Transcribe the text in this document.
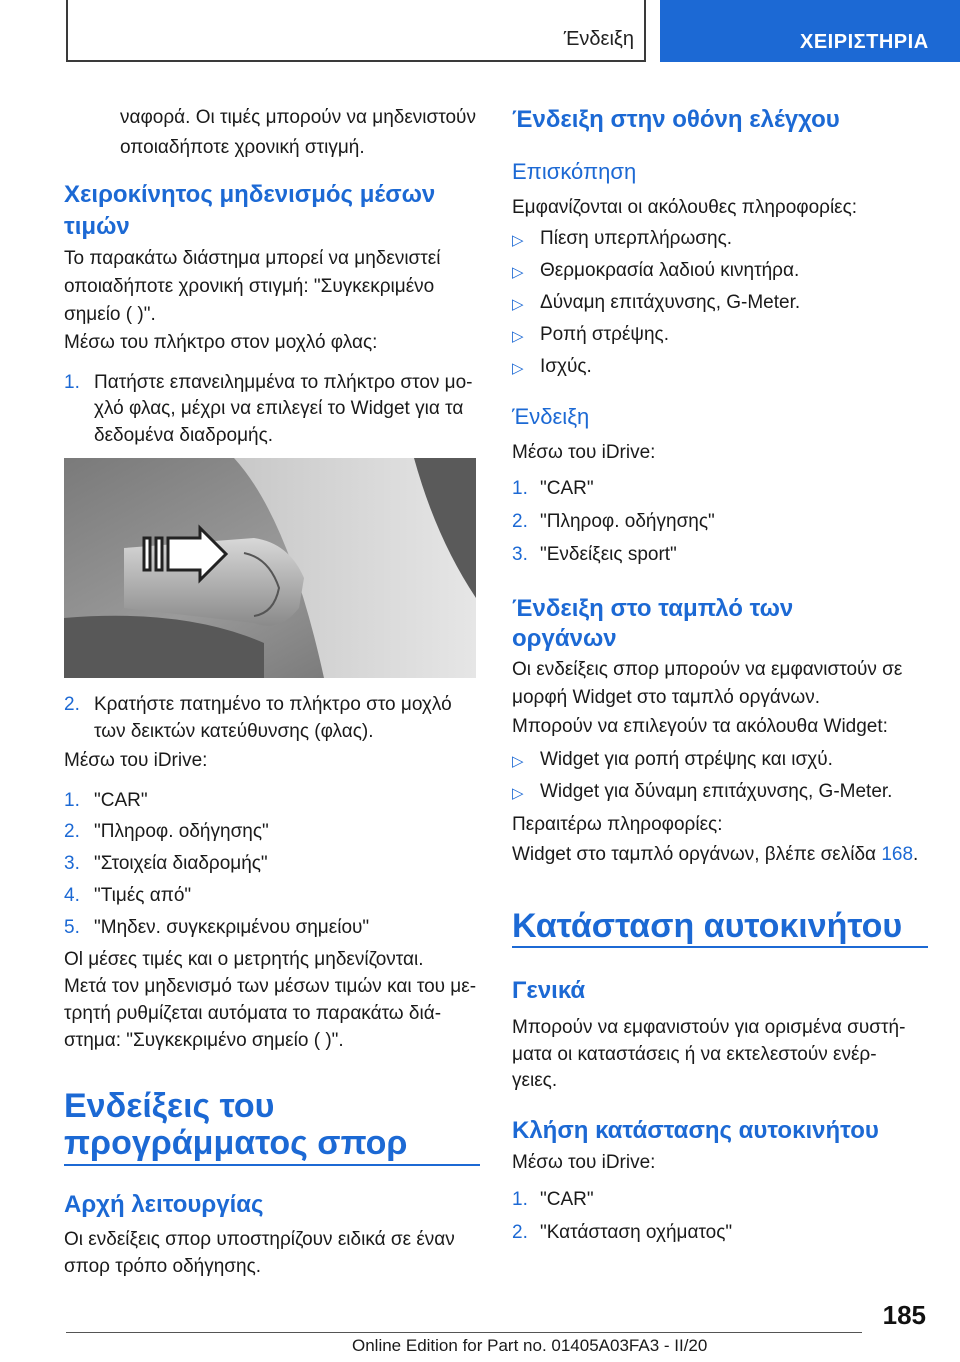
Ένδειξη	ΧΕΙΡΙΣΤΗΡΙΑ
ναφορά. Οι τιμές μπορούν να μηδενιστούν
οποιαδήποτε χρονική στιγμή.
Χειροκίνητος μηδενισμός μέσων
τιμών
Το παρακάτω διάστημα μπορεί να μηδενιστεί
οποιαδήποτε χρονική στιγμή: "Συγκεκριμένο
σημείο ( )".
Μέσω του πλήκτρο στον μοχλό φλας:
1. Πατήστε επανειλημμένα το πλήκτρο στον μο-
χλό φλας, μέχρι να επιλεγεί το Widget για τα
δεδομένα διαδρομής.
2. Κρατήστε πατημένο το πλήκτρο στο μοχλό
των δεικτών κατεύθυνσης (φλας).
Μέσω του iDrive:
1. "CAR"
2. "Πληροφ. οδήγησης"
3. "Στοιχεία διαδρομής"
4. "Τιμές από"
5. "Μηδεν. συγκεκριμένου σημείου"
Ol μέσες τιμές και ο μετρητής μηδενίζονται.
Μετά τον μηδενισμό των μέσων τιμών και του με-
τρητή ρυθμίζεται αυτόματα το παρακάτω διά-
στημα: "Συγκεκριμένο σημείο ( )".
Ενδείξεις του
προγράμματος σπορ
Αρχή λειτουργίας
Οι ενδείξεις σπορ υποστηρίζουν ειδικά σε έναν
σπορ τρόπο οδήγησης.
Ένδειξη στην οθόνη ελέγχου
Επισκόπηση
Εμφανίζονται οι ακόλουθες πληροφορίες:
▷ Πίεση υπερπλήρωσης.
▷ Θερμοκρασία λαδιού κινητήρα.
▷ Δύναμη επιτάχυνσης, G-Meter.
▷ Ροπή στρέψης.
▷ Ισχύς.
Ένδειξη
Μέσω του iDrive:
1. "CAR"
2. "Πληροφ. οδήγησης"
3. "Ενδείξεις sport"
Ένδειξη στο ταμπλό των
οργάνων
Οι ενδείξεις σπορ μπορούν να εμφανιστούν σε
μορφή Widget στο ταμπλό οργάνων.
Μπορούν να επιλεγούν τα ακόλουθα Widget:
▷ Widget για ροπή στρέψης και ισχύ.
▷ Widget για δύναμη επιτάχυνσης, G-Meter.
Περαιτέρω πληροφορίες:
Widget στο ταμπλό οργάνων, βλέπε σελίδα 168.
Κατάσταση αυτοκινήτου
Γενικά
Μπορούν να εμφανιστούν για ορισμένα συστή-
ματα οι καταστάσεις ή να εκτελεστούν ενέρ-
γειες.
Κλήση κατάστασης αυτοκινήτου
Μέσω του iDrive:
1. "CAR"
2. "Κατάσταση οχήματος"
185
Online Edition for Part no. 01405A03FA3 - II/20
